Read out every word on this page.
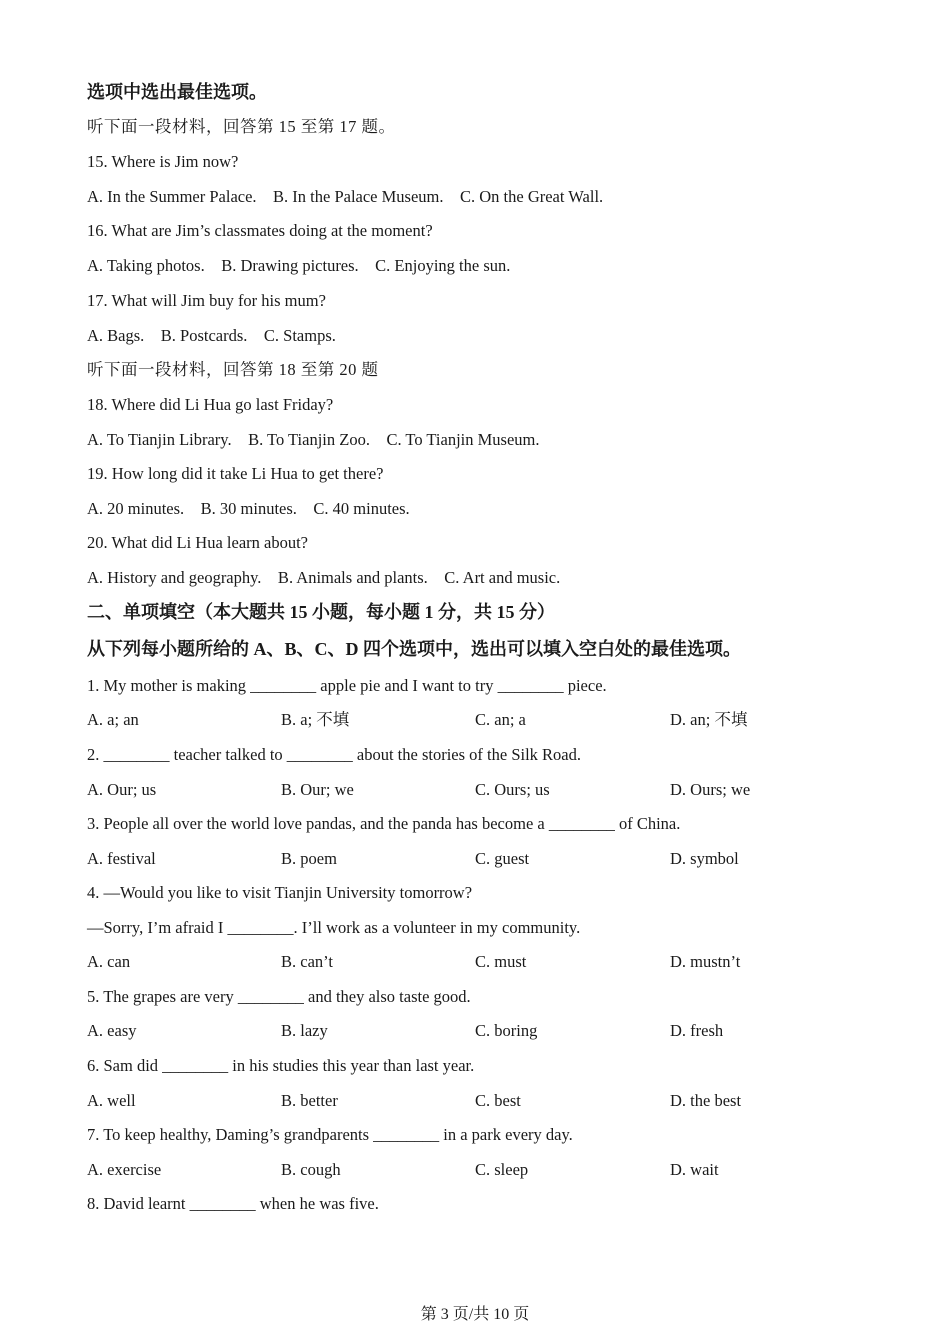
选项中选出最佳选项。
听下面一段材料，回答第 15 至第 17 题。
15. Where is Jim now?
A. In the Summer Palace.    B. In the Palace Museum.    C. On the Great Wall.
16. What are Jim’s classmates doing at the moment?
A. Taking photos.    B. Drawing pictures.    C. Enjoying the sun.
17. What will Jim buy for his mum?
A. Bags.    B. Postcards.    C. Stamps.
听下面一段材料，回答第 18 至第 20 题
18. Where did Li Hua go last Friday?
A. To Tianjin Library.    B. To Tianjin Zoo.    C. To Tianjin Museum.
19. How long did it take Li Hua to get there?
A. 20 minutes.    B. 30 minutes.    C. 40 minutes.
20. What did Li Hua learn about?
A. History and geography.    B. Animals and plants.    C. Art and music.
二、单项填空（本大题共 15 小题，每小题 1 分，共 15 分）
从下列每小题所给的 A、B、C、D 四个选项中，选出可以填入空白处的最佳选项。
1. My mother is making ________ apple pie and I want to try ________ piece.
A. a; an	B. a; 不填	C. an; a	D. an; 不填
2. ________ teacher talked to ________ about the stories of the Silk Road.
A. Our; us	B. Our; we	C. Ours; us	D. Ours; we
3. People all over the world love pandas, and the panda has become a ________ of China.
A. festival	B. poem	C. guest	D. symbol
4. —Would you like to visit Tianjin University tomorrow?
—Sorry, I’m afraid I ________. I’ll work as a volunteer in my community.
A. can	B. can’t	C. must	D. mustn’t
5. The grapes are very ________ and they also taste good.
A. easy	B. lazy	C. boring	D. fresh
6. Sam did ________ in his studies this year than last year.
A. well	B. better	C. best	D. the best
7. To keep healthy, Daming’s grandparents ________ in a park every day.
A. exercise	B. cough	C. sleep	D. wait
8. David learnt ________ when he was five.
第 3 页/共 10 页
